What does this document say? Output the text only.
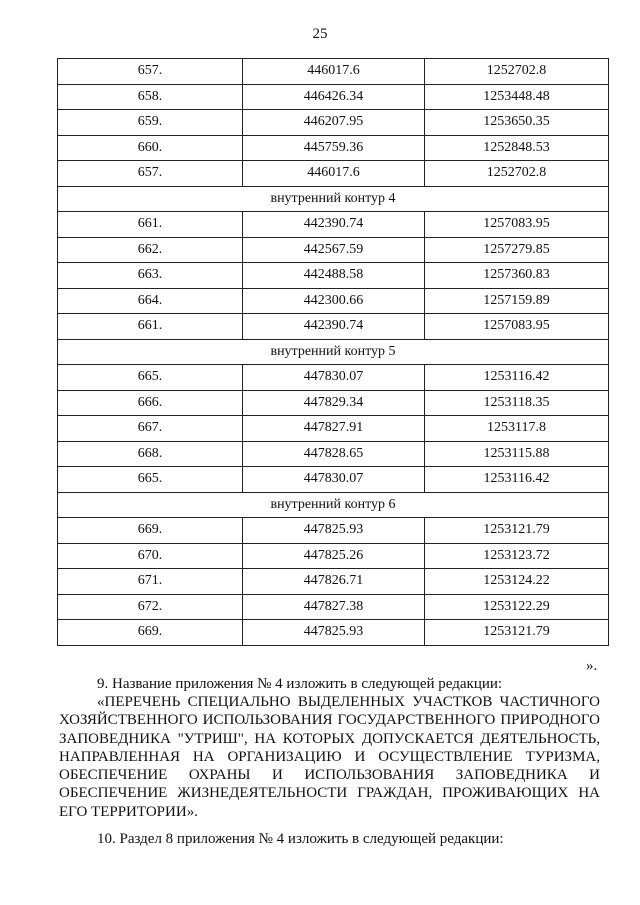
25
657.	446017.6	1252702.8
658.	446426.34	1253448.48
659.	446207.95	1253650.35
660.	445759.36	1252848.53
657.	446017.6	1252702.8
внутренний контур 4		
661.	442390.74	1257083.95
662.	442567.59	1257279.85
663.	442488.58	1257360.83
664.	442300.66	1257159.89
661.	442390.74	1257083.95
внутренний контур 5		
665.	447830.07	1253116.42
666.	447829.34	1253118.35
667.	447827.91	1253117.8
668.	447828.65	1253115.88
665.	447830.07	1253116.42
внутренний контур 6		
669.	447825.93	1253121.79
670.	447825.26	1253123.72
671.	447826.71	1253124.22
672.	447827.38	1253122.29
669.	447825.93	1253121.79
».
9. Название приложения № 4 изложить в следующей редакции:
«ПЕРЕЧЕНЬ СПЕЦИАЛЬНО ВЫДЕЛЕННЫХ УЧАСТКОВ ЧАСТИЧНОГО ХОЗЯЙСТВЕННОГО ИСПОЛЬЗОВАНИЯ ГОСУДАРСТВЕННОГО ПРИРОДНОГО ЗАПОВЕДНИКА "УТРИШ", НА КОТОРЫХ ДОПУСКАЕТСЯ ДЕЯТЕЛЬНОСТЬ, НАПРАВЛЕННАЯ НА ОРГАНИЗАЦИЮ И ОСУЩЕСТВЛЕНИЕ ТУРИЗМА, ОБЕСПЕЧЕНИЕ ОХРАНЫ И ИСПОЛЬЗОВАНИЯ ЗАПОВЕДНИКА И ОБЕСПЕЧЕНИЕ ЖИЗНЕДЕЯТЕЛЬНОСТИ ГРАЖДАН, ПРОЖИВАЮЩИХ НА ЕГО ТЕРРИТОРИИ».
10. Раздел 8 приложения № 4 изложить в следующей редакции:
